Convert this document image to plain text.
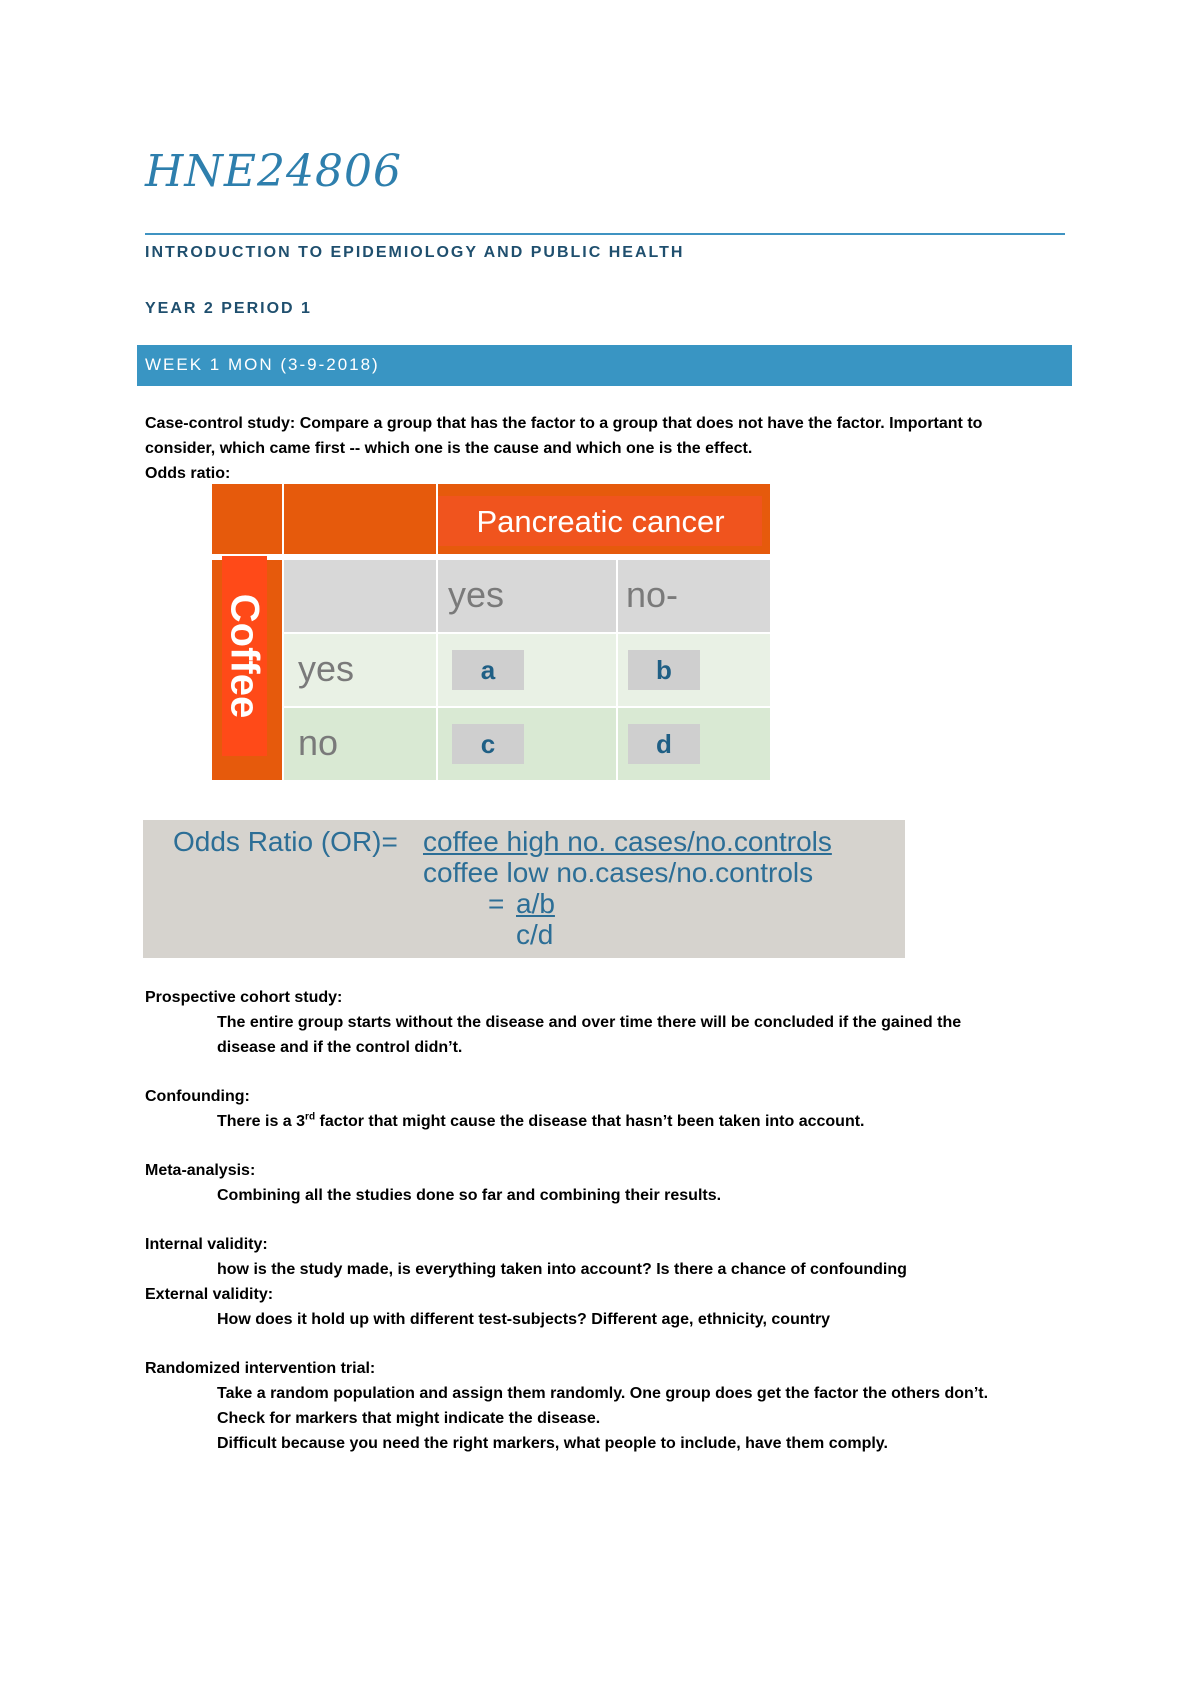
HNE24806
INTRODUCTION TO EPIDEMIOLOGY AND PUBLIC HEALTH
YEAR 2 PERIOD 1
WEEK 1 MON (3-9-2018)

Case-control study: Compare a group that has the factor to a group that does not have the factor. Important to

consider, which came first -- which one is the cause and which one is the effect.

Odds ratio:

Pancreatic cancer
Coffee	yes	no-
yes	a	b
no	c	d
Odds Ratio (OR)= coffee high no. cases/no.controls
coffee low no.cases/no.controls
= a/b
c/d

Prospective cohort study:

The entire group starts without the disease and over time there will be concluded if the gained the

disease and if the control didn’t.

Confounding:

There is a 3rd factor that might cause the disease that hasn’t been taken into account.

Meta-analysis:

Combining all the studies done so far and combining their results.

Internal validity:

how is the study made, is everything taken into account? Is there a chance of confounding

External validity:

How does it hold up with different test-subjects? Different age, ethnicity, country

Randomized intervention trial:

Take a random population and assign them randomly. One group does get the factor the others don’t.

Check for markers that might indicate the disease.

Difficult because you need the right markers, what people to include, have them comply.
